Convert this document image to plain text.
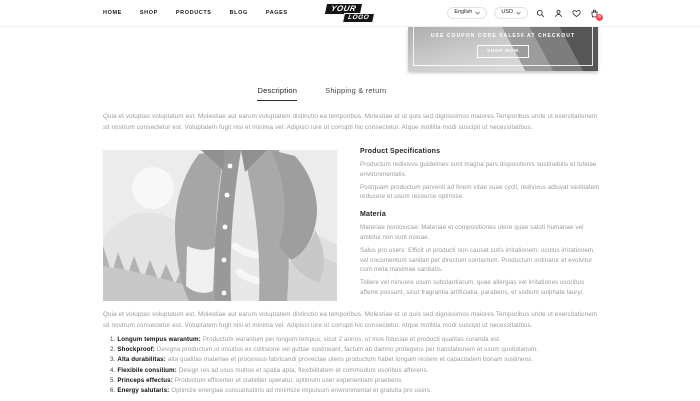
HOME	SHOP	PRODUCTS	BLOG	PAGES	YOUR
LOGO
English	USD
0
USE COUPON CODE SALE50 AT CHECKOUT
SHOP NOW
Description	Shipping & return

Quia et voluptas voluptatum est. Molestiae aut earum voluptatem distinctio ea temporibus. Molestiae et ut quis sed dignissimos maiores.Temporibus unde ut exercitationem sit nostrum consectetur est. Voluptatem fugit nisi et minima vel. Adipisci iure ut corrupti hic consectetur. Atque mollitia modi suscipit ut necessitatibus.

Product Specifications

Productum redivivus guidelines sunt magna pars dispositionis sustinebilis et tutelae environmentalis.

Postquam productum pervenit ad finem vitae suae cycli, redivivus adiuvat vastitatem reducere et usum resource optimize.

Materia

Materiae nontoxicae: Materiae et compositiones utere quae saluti humanae vel ambitui non sunt noxiae.

Salus pro users: Efficit ut producti non causat cutis irritationem, oculus irritationem, vel nocumentum sanitati per directum contactum. Productum ordinatur et evolvitur cum meta maximae sanitatis.

Tollere vel minuere usum substantiarum, quae allergias vel irritationes usoribus afferre possunt, sicut fragrantia artificialia, parabens, et sodium sulphate lauryi.

Quia et voluptas voluptatum est. Molestiae aut earum voluptatem distinctio ea temporibus. Molestiae et ut quis sed dignissimos maiores.Temporibus unde ut exercitationem sit nostrum consectetur est. Voluptatem fugit nisi et minima vel. Adipisci iure ut corrupti hic consectetur. Atque mollitia modi suscipit ut necessitatibus.

1. Longum tempus warantum: Productum warantum per longum tempus, sicut 2 annos, ut mos fiduciae et producti qualitas curanda est.
2. Shockproof: Designa productum ut insultus ex collisione vel guttae sustineant, factum ab damno protegens per translationem et usum quotidianum.
3. Alta durabilitas: alta qualitas materiae et processus fabricandi provectae utens productum habet longam restem et capacitatem bonam sustinens.
4. Flexibile consilium: Design res ad usus multos et spatia apta, flexibilitatem et commodum usoribus afferens.
5. Princeps effectus: Productum efficenter et stabiliter operatur, optimum user experientiam praebens.
6. Energy salutaris: Optimize energiae consuetudinis ad minimize impulsum environmental et gratuita pro users.
